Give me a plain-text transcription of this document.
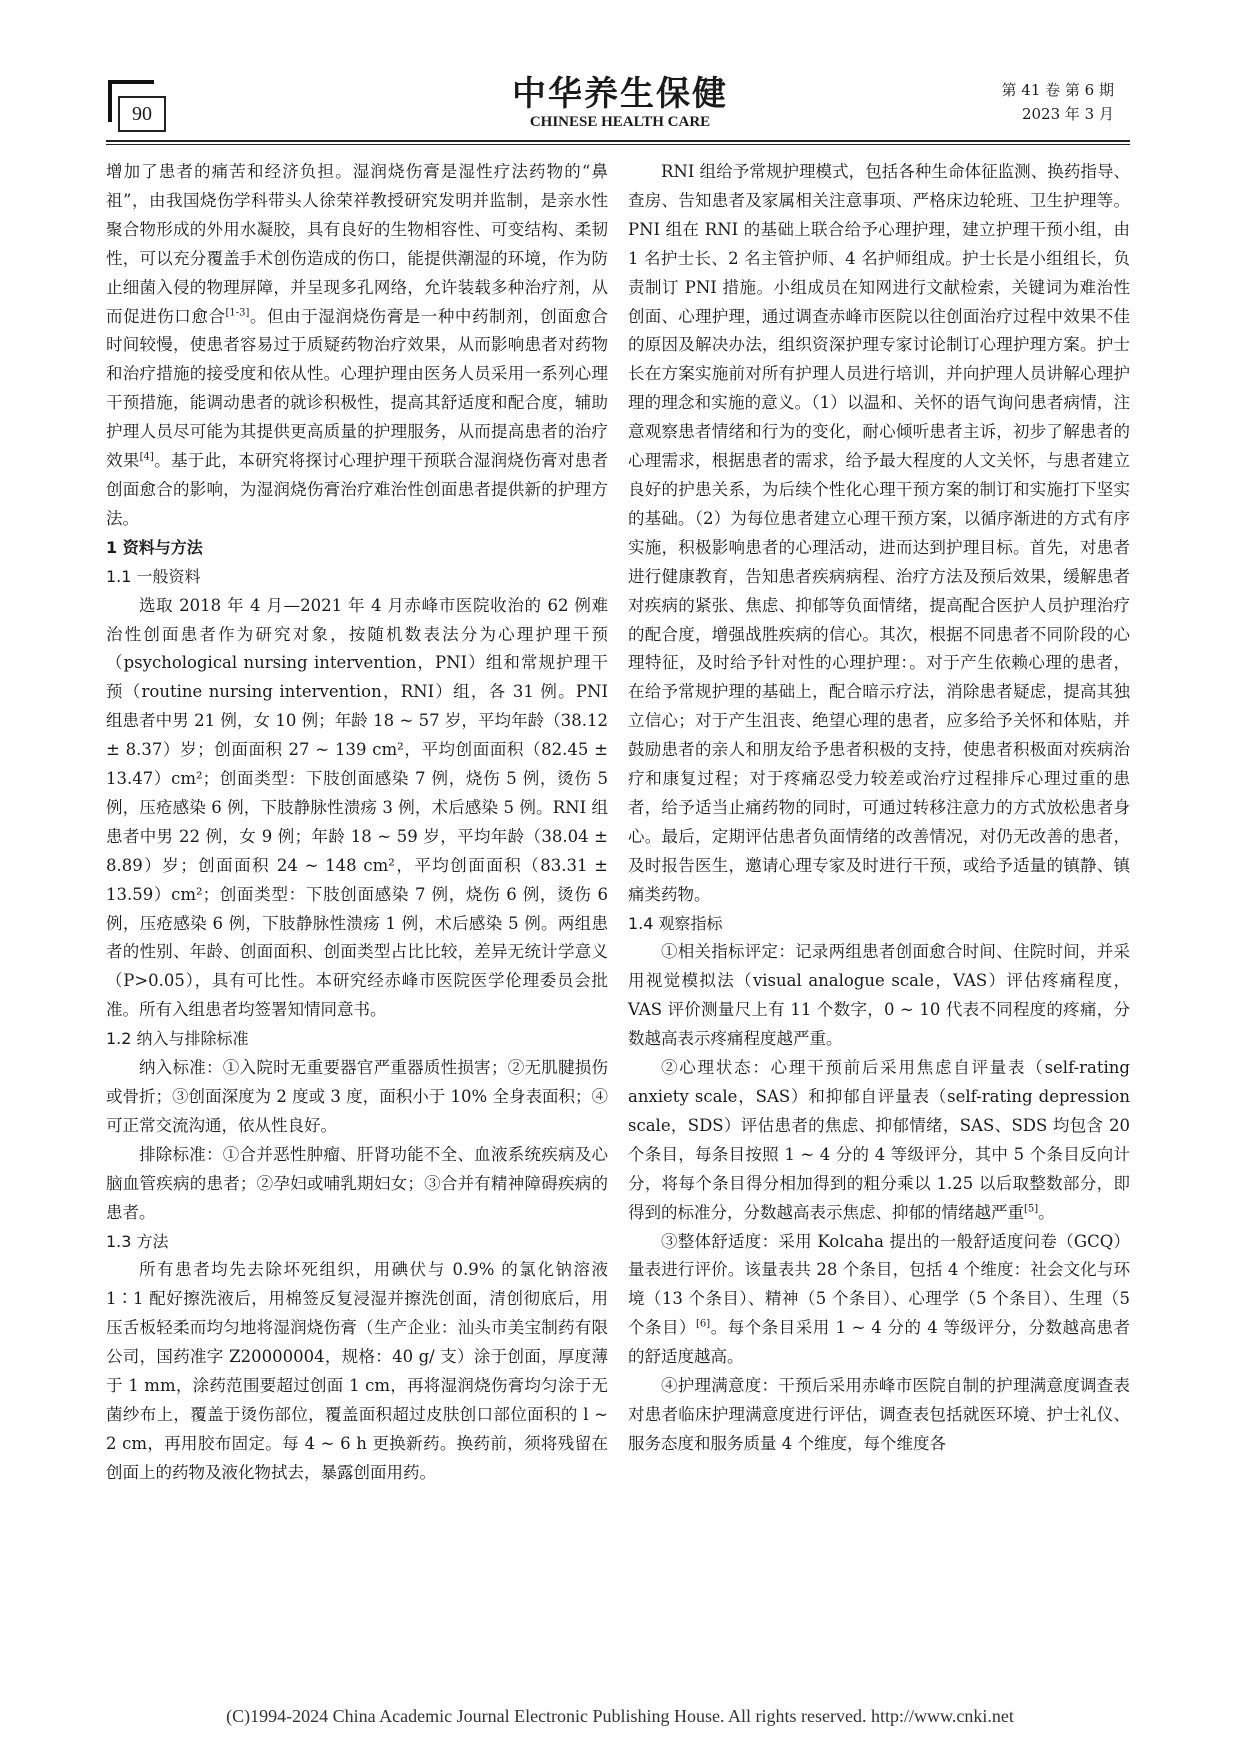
90	中华养生保健
CHINESE HEALTH CARE
第 41 卷 第 6 期
2023 年 3 月

增加了患者的痛苦和经济负担。湿润烧伤膏是湿性疗法药物的“鼻祖”，由我国烧伤学科带头人徐荣祥教授研究发明并监制，是亲水性聚合物形成的外用水凝胶，具有良好的生物相容性、可变结构、柔韧性，可以充分覆盖手术创伤造成的伤口，能提供潮湿的环境，作为防止细菌入侵的物理屏障，并呈现多孔网络，允许装载多种治疗剂，从而促进伤口愈合[1-3]。但由于湿润烧伤膏是一种中药制剂，创面愈合时间较慢，使患者容易过于质疑药物治疗效果，从而影响患者对药物和治疗措施的接受度和依从性。心理护理由医务人员采用一系列心理干预措施，能调动患者的就诊积极性，提高其舒适度和配合度，辅助护理人员尽可能为其提供更高质量的护理服务，从而提高患者的治疗效果[4]。基于此，本研究将探讨心理护理干预联合湿润烧伤膏对患者创面愈合的影响，为湿润烧伤膏治疗难治性创面患者提供新的护理方法。

1 资料与方法
1.1 一般资料

选取 2018 年 4 月—2021 年 4 月赤峰市医院收治的 62 例难治性创面患者作为研究对象，按随机数表法分为心理护理干预（psychological nursing intervention，PNI）组和常规护理干预（routine nursing intervention，RNI）组，各 31 例。PNI 组患者中男 21 例，女 10 例；年龄 18 ~ 57 岁，平均年龄（38.12 ± 8.37）岁；创面面积 27 ~ 139 cm²，平均创面面积（82.45 ± 13.47）cm²；创面类型：下肢创面感染 7 例，烧伤 5 例，烫伤 5 例，压疮感染 6 例，下肢静脉性溃疡 3 例，术后感染 5 例。RNI 组患者中男 22 例，女 9 例；年龄 18 ~ 59 岁，平均年龄（38.04 ± 8.89）岁；创面面积 24 ~ 148 cm²，平均创面面积（83.31 ± 13.59）cm²；创面类型：下肢创面感染 7 例，烧伤 6 例，烫伤 6 例，压疮感染 6 例，下肢静脉性溃疡 1 例，术后感染 5 例。两组患者的性别、年龄、创面面积、创面类型占比比较，差异无统计学意义（P>0.05），具有可比性。本研究经赤峰市医院医学伦理委员会批准。所有入组患者均签署知情同意书。

1.2 纳入与排除标准

纳入标准：①入院时无重要器官严重器质性损害；②无肌腱损伤或骨折；③创面深度为 2 度或 3 度，面积小于 10% 全身表面积；④可正常交流沟通，依从性良好。

排除标准：①合并恶性肿瘤、肝肾功能不全、血液系统疾病及心脑血管疾病的患者；②孕妇或哺乳期妇女；③合并有精神障碍疾病的患者。

1.3 方法

所有患者均先去除坏死组织，用碘伏与 0.9% 的氯化钠溶液 1∶1 配好擦洗液后，用棉签反复浸湿并擦洗创面，清创彻底后，用压舌板轻柔而均匀地将湿润烧伤膏（生产企业：汕头市美宝制药有限公司，国药准字 Z20000004，规格：40 g/ 支）涂于创面，厚度薄于 1 mm，涂药范围要超过创面 1 cm，再将湿润烧伤膏均匀涂于无菌纱布上，覆盖于烫伤部位，覆盖面积超过皮肤创口部位面积的 l ~ 2 cm，再用胶布固定。每 4 ~ 6 h 更换新药。换药前，须将残留在创面上的药物及液化物拭去，暴露创面用药。

RNI 组给予常规护理模式，包括各种生命体征监测、换药指导、查房、告知患者及家属相关注意事项、严格床边轮班、卫生护理等。PNI 组在 RNI 的基础上联合给予心理护理，建立护理干预小组，由 1 名护士长、2 名主管护师、4 名护师组成。护士长是小组组长，负责制订 PNI 措施。小组成员在知网进行文献检索，关键词为难治性创面、心理护理，通过调查赤峰市医院以往创面治疗过程中效果不佳的原因及解决办法，组织资深护理专家讨论制订心理护理方案。护士长在方案实施前对所有护理人员进行培训，并向护理人员讲解心理护理的理念和实施的意义。（1）以温和、关怀的语气询问患者病情，注意观察患者情绪和行为的变化，耐心倾听患者主诉，初步了解患者的心理需求，根据患者的需求，给予最大程度的人文关怀，与患者建立良好的护患关系，为后续个性化心理干预方案的制订和实施打下坚实的基础。（2）为每位患者建立心理干预方案，以循序渐进的方式有序实施，积极影响患者的心理活动，进而达到护理目标。首先，对患者进行健康教育，告知患者疾病病程、治疗方法及预后效果，缓解患者对疾病的紧张、焦虑、抑郁等负面情绪，提高配合医护人员护理治疗的配合度，增强战胜疾病的信心。其次，根据不同患者不同阶段的心理特征，及时给予针对性的心理护理：。对于产生依赖心理的患者，在给予常规护理的基础上，配合暗示疗法，消除患者疑虑，提高其独立信心；对于产生沮丧、绝望心理的患者，应多给予关怀和体贴，并鼓励患者的亲人和朋友给予患者积极的支持，使患者积极面对疾病治疗和康复过程；对于疼痛忍受力较差或治疗过程排斥心理过重的患者，给予适当止痛药物的同时，可通过转移注意力的方式放松患者身心。最后，定期评估患者负面情绪的改善情况，对仍无改善的患者，及时报告医生，邀请心理专家及时进行干预，或给予适量的镇静、镇痛类药物。

1.4 观察指标

①相关指标评定：记录两组患者创面愈合时间、住院时间，并采用视觉模拟法（visual analogue scale，VAS）评估疼痛程度，VAS 评价测量尺上有 11 个数字，0 ~ 10 代表不同程度的疼痛，分数越高表示疼痛程度越严重。

②心理状态：心理干预前后采用焦虑自评量表（self-rating anxiety scale，SAS）和抑郁自评量表（self-rating depression scale，SDS）评估患者的焦虑、抑郁情绪，SAS、SDS 均包含 20 个条目，每条目按照 1 ~ 4 分的 4 等级评分，其中 5 个条目反向计分，将每个条目得分相加得到的粗分乘以 1.25 以后取整数部分，即得到的标准分，分数越高表示焦虑、抑郁的情绪越严重[5]。

③整体舒适度：采用 Kolcaha 提出的一般舒适度问卷（GCQ）量表进行评价。该量表共 28 个条目，包括 4 个维度：社会文化与环境（13 个条目）、精神（5 个条目）、心理学（5 个条目）、生理（5 个条目）[6]。每个条目采用 1 ~ 4 分的 4 等级评分，分数越高患者的舒适度越高。

④护理满意度：干预后采用赤峰市医院自制的护理满意度调查表对患者临床护理满意度进行评估，调查表包括就医环境、护士礼仪、服务态度和服务质量 4 个维度，每个维度各

(C)1994-2024 China Academic Journal Electronic Publishing House. All rights reserved. http://www.cnki.net
